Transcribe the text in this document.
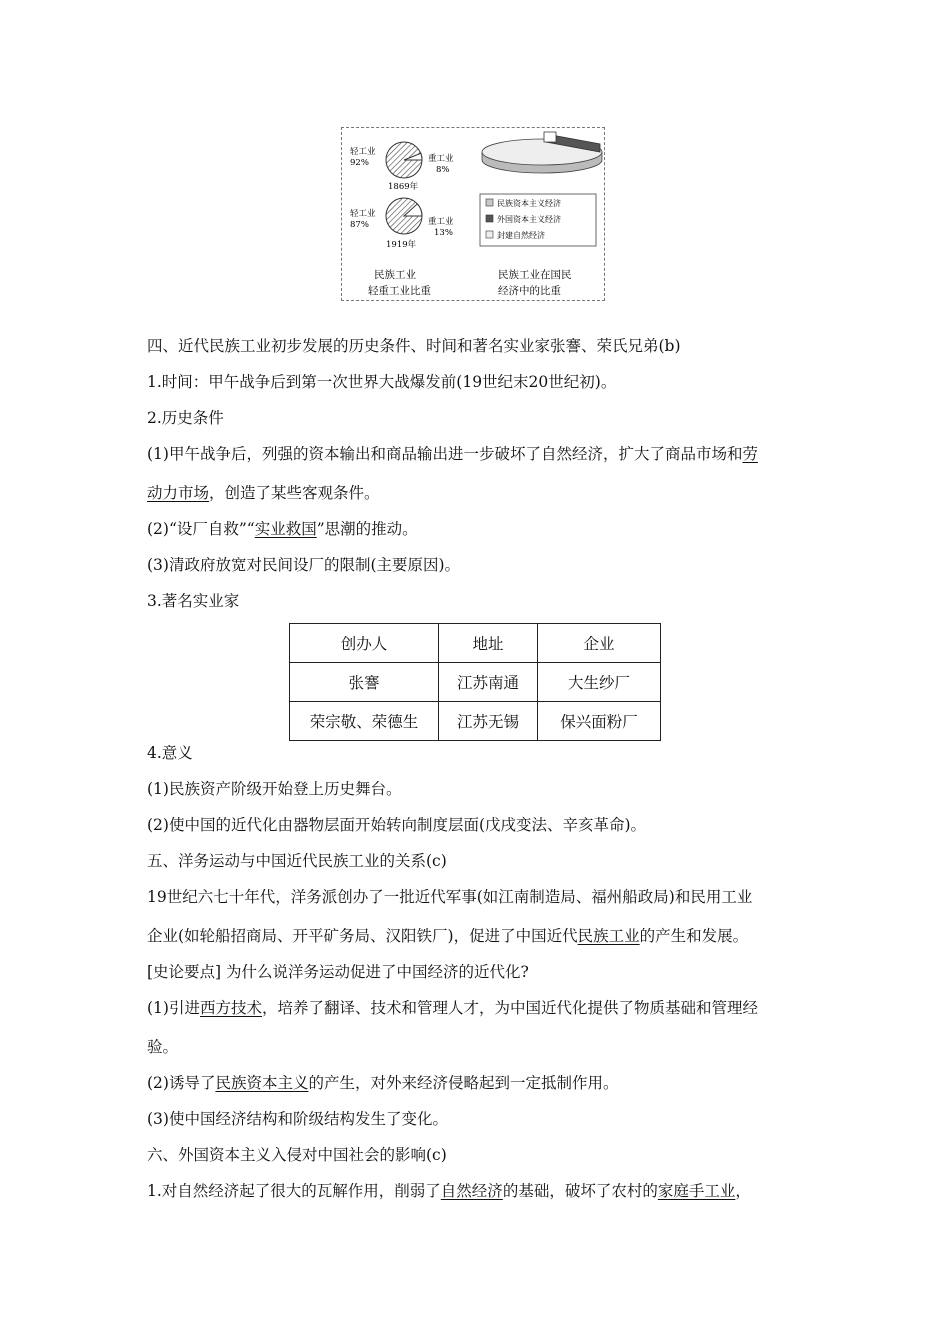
轻工业
92%	重工业
8%
1869年
轻工业
87%	重工业
13%
1919年
民族工业
轻重工业比重
民族资本主义经济
外国资本主义经济
封建自然经济
民族工业在国民
经济中的比重
四、近代民族工业初步发展的历史条件、时间和著名实业家张謇、荣氏兄弟(b)
1.时间：甲午战争后到第一次世界大战爆发前(19世纪末20世纪初)。
2.历史条件
(1)甲午战争后，列强的资本输出和商品输出进一步破坏了自然经济，扩大了商品市场和劳
动力市场，创造了某些客观条件。
(2)“设厂自救”“实业救国”思潮的推动。
(3)清政府放宽对民间设厂的限制(主要原因)。
3.著名实业家
创办人	地址	企业
张謇	江苏南通	大生纱厂
荣宗敬、荣德生	江苏无锡	保兴面粉厂
4.意义
(1)民族资产阶级开始登上历史舞台。
(2)使中国的近代化由器物层面开始转向制度层面(戊戌变法、辛亥革命)。
五、洋务运动与中国近代民族工业的关系(c)
19世纪六七十年代，洋务派创办了一批近代军事(如江南制造局、福州船政局)和民用工业
企业(如轮船招商局、开平矿务局、汉阳铁厂)，促进了中国近代民族工业的产生和发展。
[史论要点] 为什么说洋务运动促进了中国经济的近代化?
(1)引进西方技术，培养了翻译、技术和管理人才，为中国近代化提供了物质基础和管理经
验。
(2)诱导了民族资本主义的产生，对外来经济侵略起到一定抵制作用。
(3)使中国经济结构和阶级结构发生了变化。
六、外国资本主义入侵对中国社会的影响(c)
1.对自然经济起了很大的瓦解作用，削弱了自然经济的基础，破坏了农村的家庭手工业，
